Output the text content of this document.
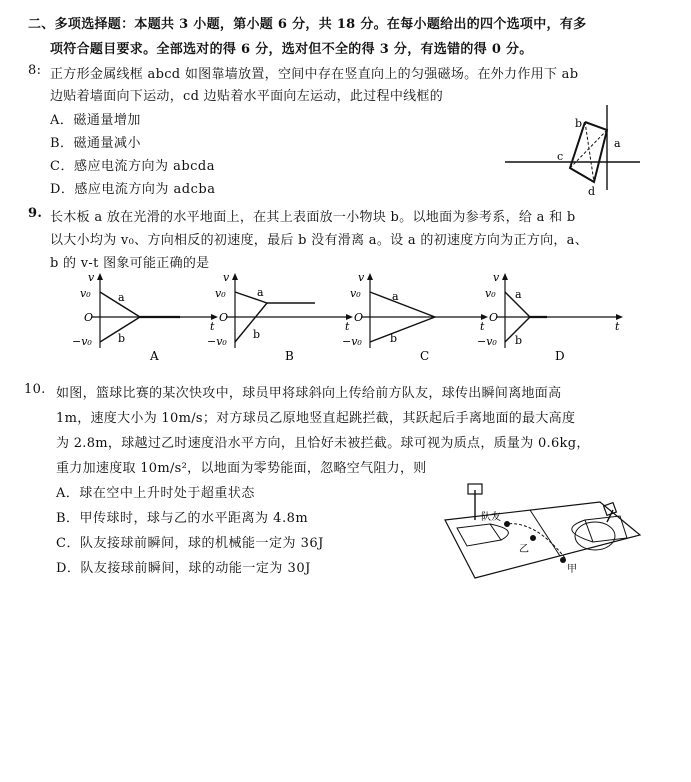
二、多项选择题：本题共 3 小题，第小题 6 分，共 18 分。在每小题给出的四个选项中，有多
项符合题目要求。全部选对的得 6 分，选对但不全的得 3 分，有选错的得 0 分。
8: 正方形金属线框 abcd 如图靠墙放置，空间中存在竖直向上的匀强磁场。在外力作用下 ab
边贴着墙面向下运动，cd 边贴着水平面向左运动，此过程中线框的
A．磁通量增加
B．磁通量减小
C．感应电流方向为 abcda
D．感应电流方向为 adcba
b
a
c
d
9. 长木板 a 放在光滑的水平地面上，在其上表面放一小物块 b。以地面为参考系，给 a 和 b
以大小均为 v₀、方向相反的初速度，最后 b 没有滑离 a。设 a 的初速度方向为正方向，a、
b 的 v-t 图象可能正确的是
v
v₀
O
−v₀
t
a
b
A
v
v₀
O
−v₀
t
a
b
B
v
v₀
O
−v₀
t
a
b
C
v
v₀
O
−v₀
t
a
b
D
10. 如图，篮球比赛的某次快攻中，球员甲将球斜向上传给前方队友，球传出瞬间离地面高
1m，速度大小为 10m/s；对方球员乙原地竖直起跳拦截，其跃起后手离地面的最大高度
为 2.8m，球越过乙时速度沿水平方向，且恰好未被拦截。球可视为质点，质量为 0.6kg，
重力加速度取 10m/s²，以地面为零势能面，忽略空气阻力，则
A．球在空中上升时处于超重状态
B．甲传球时，球与乙的水平距离为 4.8m
C．队友接球前瞬间，球的机械能一定为 36J
D．队友接球前瞬间，球的动能一定为 30J
队友
乙
甲
